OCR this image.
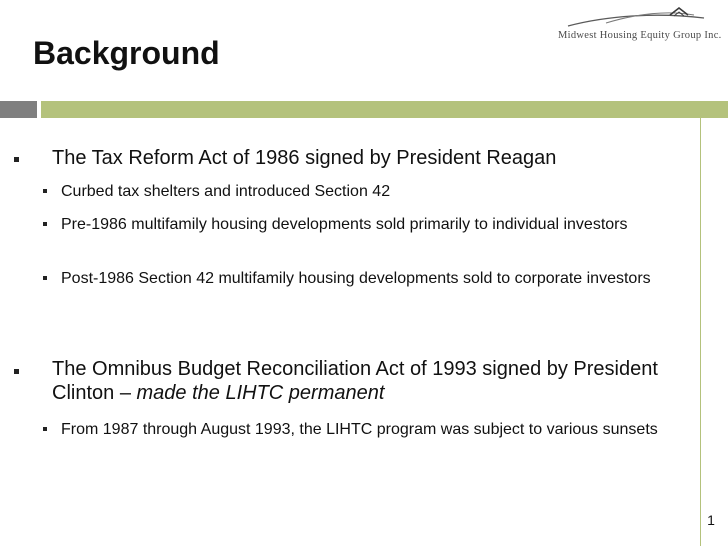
Midwest Housing Equity Group Inc.
Background
The Tax Reform Act of 1986 signed by President Reagan
Curbed tax shelters and introduced Section 42
Pre-1986 multifamily housing developments sold primarily to individual investors
Post-1986 Section 42 multifamily housing developments sold to corporate investors
The Omnibus Budget Reconciliation Act of 1993 signed by President Clinton – made the LIHTC permanent
From 1987 through August 1993, the LIHTC program was subject to various sunsets
1
